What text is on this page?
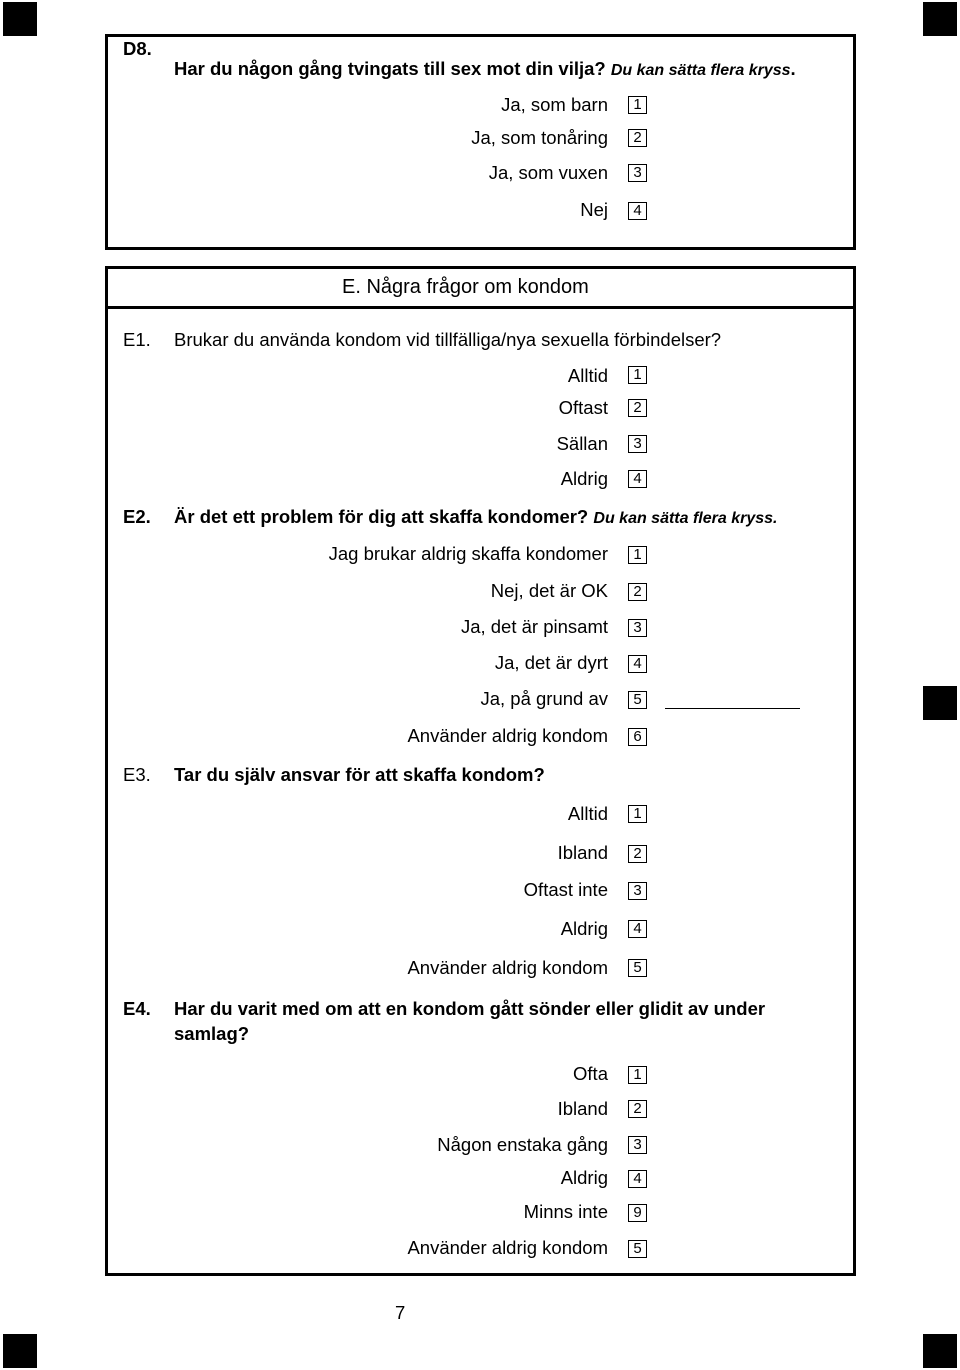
D8.
Har du någon gång tvingats till sex mot din vilja? Du kan sätta flera kryss.
Ja, som barn	1
Ja, som tonåring	2
Ja, som vuxen	3
Nej	4
E. Några frågor om kondom
E1. Brukar du använda kondom vid tillfälliga/nya sexuella förbindelser?
Alltid	1
Oftast	2
Sällan	3
Aldrig	4
E2. Är det ett problem för dig att skaffa kondomer? Du kan sätta flera kryss.
Jag brukar aldrig skaffa kondomer	1
Nej, det är OK	2
Ja, det är pinsamt	3
Ja, det är dyrt	4
Ja, på grund av	5
Använder aldrig kondom	6
E3. Tar du själv ansvar för att skaffa kondom?
Alltid	1
Ibland	2
Oftast inte	3
Aldrig	4
Använder aldrig kondom	5
E4. Har du varit med om att en kondom gått sönder eller glidit av under
samlag?
Ofta	1
Ibland	2
Någon enstaka gång	3
Aldrig	4
Minns inte	9
Använder aldrig kondom	5
7
